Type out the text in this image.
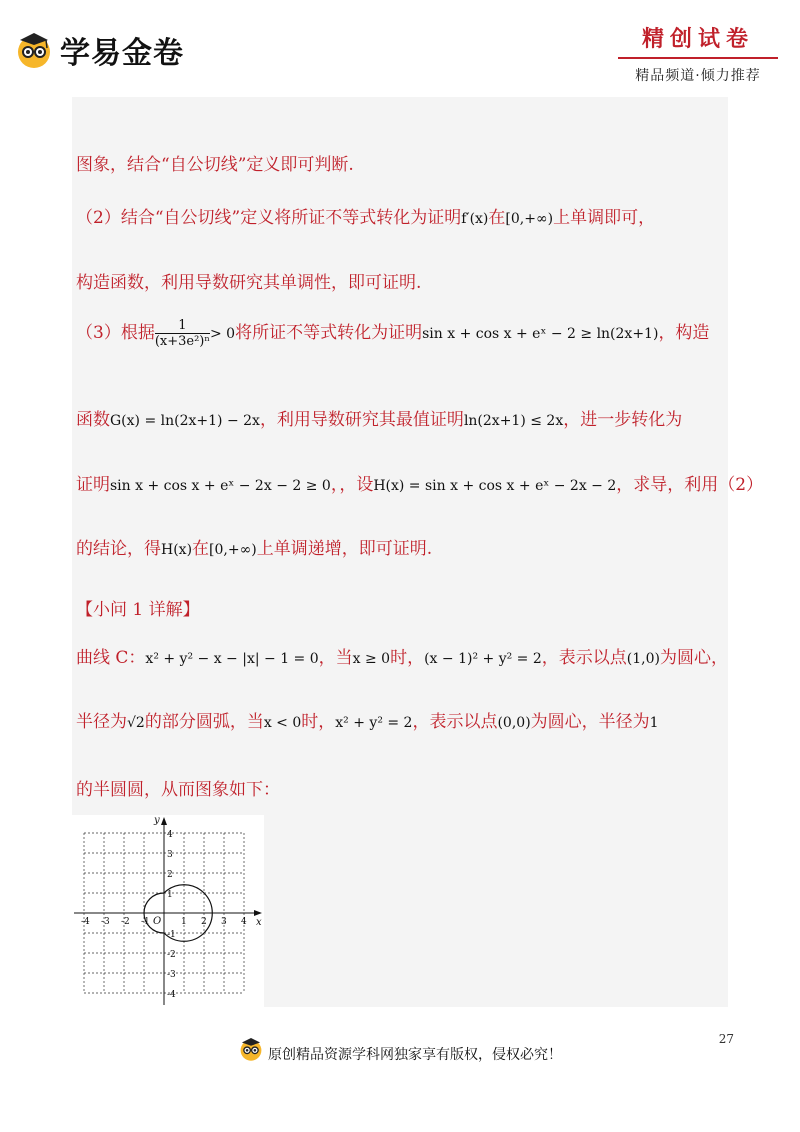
学易金卷	精创试卷
精品频道·倾力推荐
图象，结合“自公切线”定义即可判断.
（2）结合“自公切线”定义将所证不等式转化为证明f′(x)在[0,+∞)上单调即可，
构造函数，利用导数研究其单调性，即可证明.
（3）根据 $\frac{1}{\text{(x+3e²)ⁿ}} > 0$将所证不等式转化为证明sin x + cos x + eˣ − 2 ≥ ln(2x+1)，构造
函数G(x) = ln(2x+1) − 2x，利用导数研究其最值证明ln(2x+1) ≤ 2x，进一步转化为
证明sin x + cos x + eˣ − 2x − 2 ≥ 0，，设H(x) = sin x + cos x + eˣ − 2x − 2，求导，利用（2）
的结论，得H(x)在[0,+∞)上单调递增，即可证明.
【小问 1 详解】
曲线 C：x² + y² − x − |x| − 1 = 0，当x ≥ 0时，(x − 1)² + y² = 2，表示以点(1,0)为圆心，
半径为√2的部分圆弧，当x < 0时，x² + y² = 2，表示以点(0,0)为圆心，半径为1
的半圆圆，从而图象如下：
x
y
O
-4 -3 -2 -1	1 2 3 4
4
3
2
1
-1
-2
-3
-4
原创精品资源学科网独家享有版权，侵权必究！
27
